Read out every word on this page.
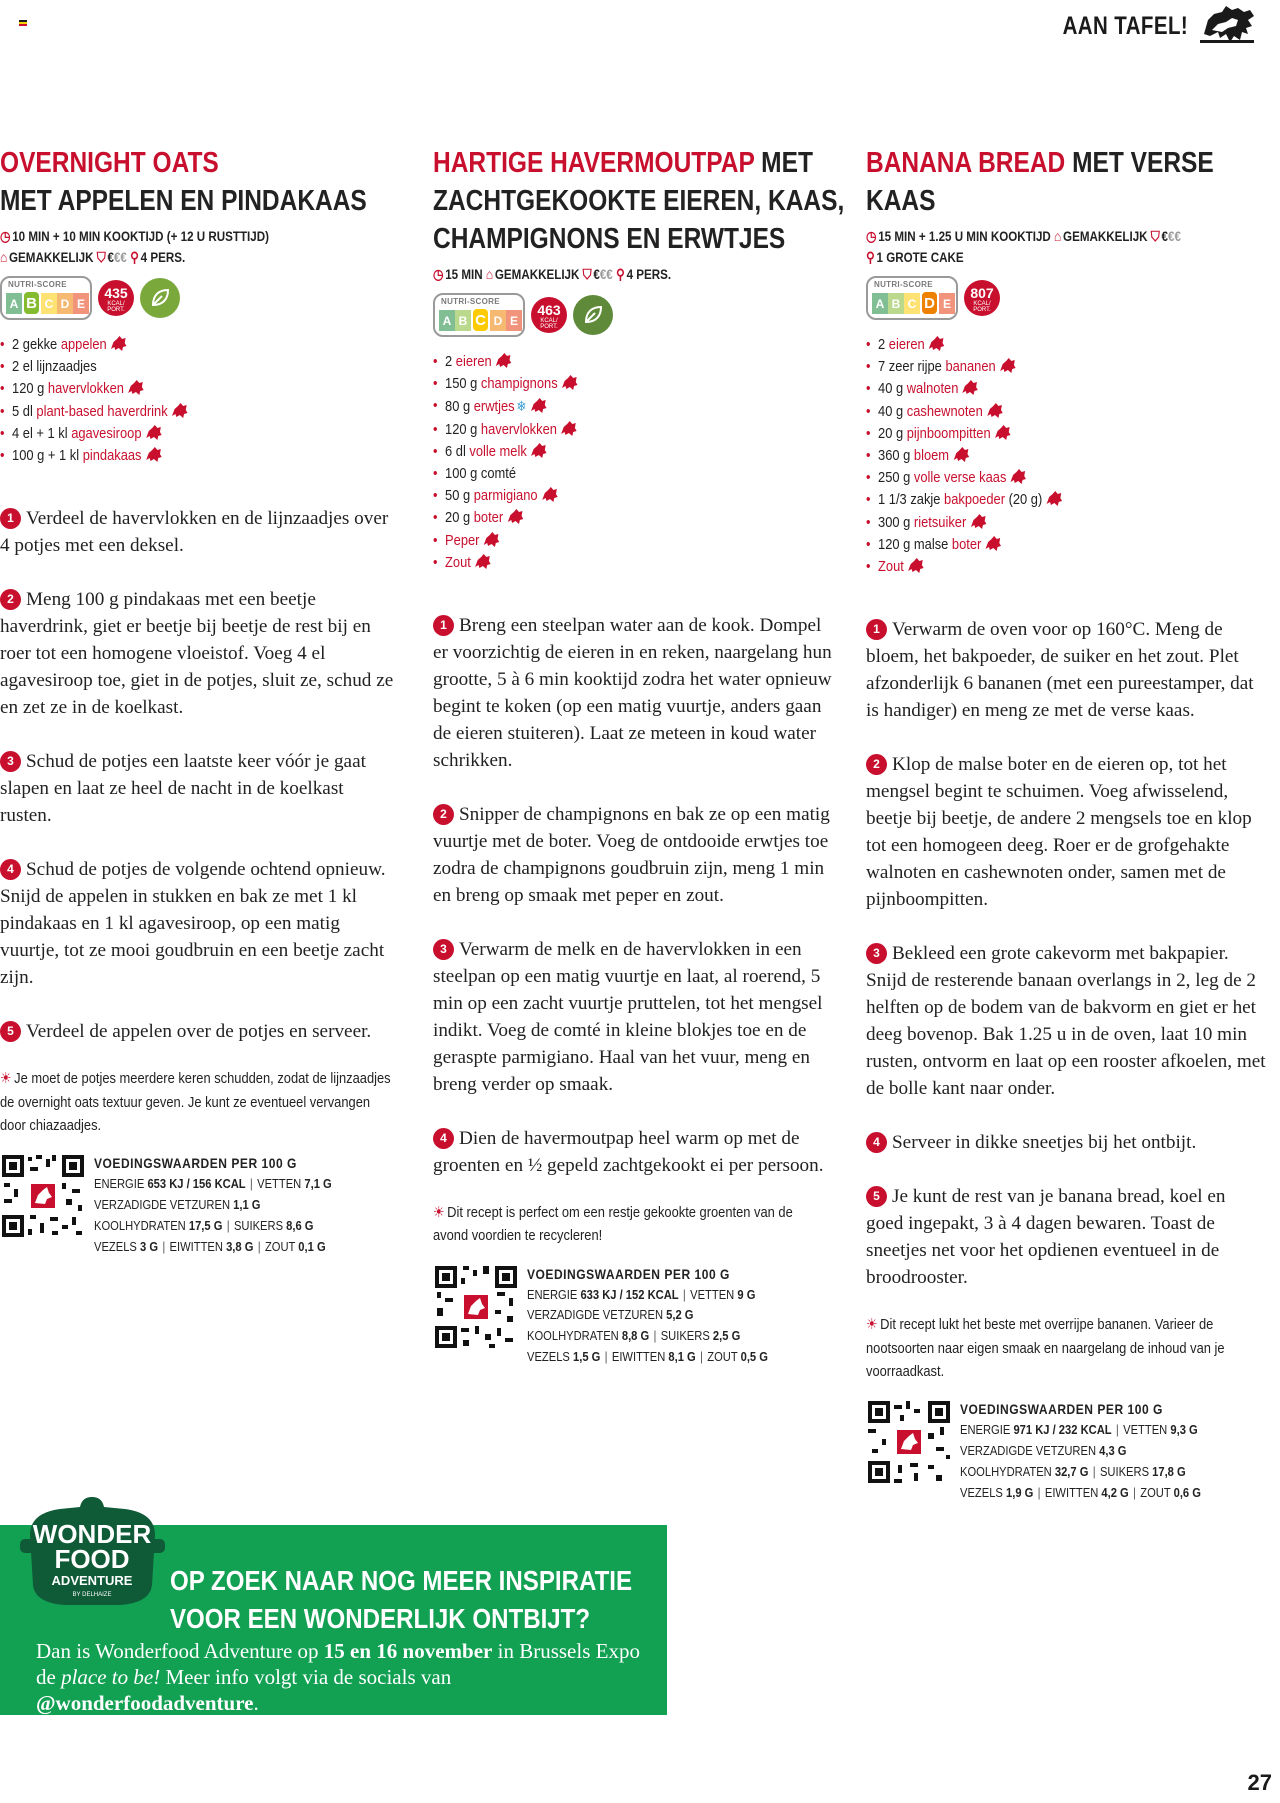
AAN TAFEL!
OVERNIGHT OATS
MET APPELEN EN PINDAKAAS
◷ 10 MIN + 10 MIN KOOKTIJD (+ 12 U RUSTTIJD)
⌂ GEMAKKELIJK ⛉ €€€ ⚲ 4 PERS.
NUTRI-SCORE
A B C D E
435
KCAL/ PORT.
• 2 gekke appelen
• 2 el lijnzaadjes
• 120 g havervlokken
• 5 dl plant-based haverdrink
• 4 el + 1 kl agavesiroop
• 100 g + 1 kl pindakaas

1 Verdeel de havervlokken en de lijnzaadjes over 4 potjes met een deksel.

2 Meng 100 g pindakaas met een beetje haverdrink, giet er beetje bij beetje de rest bij en roer tot een homogene vloeistof. Voeg 4 el agavesiroop toe, giet in de potjes, sluit ze, schud ze en zet ze in de koelkast.

3 Schud de potjes een laatste keer vóór je gaat slapen en laat ze heel de nacht in de koelkast rusten.

4 Schud de potjes de volgende ochtend opnieuw. Snijd de appelen in stukken en bak ze met 1 kl pindakaas en 1 kl agavesiroop, op een matig vuurtje, tot ze mooi goudbruin en een beetje zacht zijn.

5 Verdeel de appelen over de potjes en serveer.

☀ Je moet de potjes meerdere keren schudden, zodat de lijnzaadjes de overnight oats textuur geven. Je kunt ze eventueel vervangen door chiazaadjes.

VOEDINGSWAARDEN PER 100 G
ENERGIE 653 KJ / 156 KCAL | VETTEN 7,1 G
VERZADIGDE VETZUREN 1,1 G
KOOLHYDRATEN 17,5 G | SUIKERS 8,6 G
VEZELS 3 G | EIWITTEN 3,8 G | ZOUT 0,1 G
HARTIGE HAVERMOUTPAP MET ZACHTGEKOOKTE EIEREN, KAAS, CHAMPIGNONS EN ERWTJES
◷ 15 MIN ⌂ GEMAKKELIJK ⛉ €€€ ⚲ 4 PERS.
NUTRI-SCORE
A B C D E
463
KCAL/ PORT.
• 2 eieren
• 150 g champignons
• 80 g erwtjes ❄
• 120 g havervlokken
• 6 dl volle melk
• 100 g comté
• 50 g parmigiano
• 20 g boter
• Peper
• Zout

1 Breng een steelpan water aan de kook. Dompel er voorzichtig de eieren in en reken, naargelang hun grootte, 5 à 6 min kooktijd zodra het water opnieuw begint te koken (op een matig vuurtje, anders gaan de eieren stuiteren). Laat ze meteen in koud water schrikken.

2 Snipper de champignons en bak ze op een matig vuurtje met de boter. Voeg de ontdooide erwtjes toe zodra de champignons goudbruin zijn, meng 1 min en breng op smaak met peper en zout.

3 Verwarm de melk en de havervlokken in een steelpan op een matig vuurtje en laat, al roerend, 5 min op een zacht vuurtje pruttelen, tot het mengsel indikt. Voeg de comté in kleine blokjes toe en de geraspte parmigiano. Haal van het vuur, meng en breng verder op smaak.

4 Dien de havermoutpap heel warm op met de groenten en ½ gepeld zachtgekookt ei per persoon.

☀ Dit recept is perfect om een restje gekookte groenten van de avond voordien te recycleren!

VOEDINGSWAARDEN PER 100 G
ENERGIE 633 KJ / 152 KCAL | VETTEN 9 G
VERZADIGDE VETZUREN 5,2 G
KOOLHYDRATEN 8,8 G | SUIKERS 2,5 G
VEZELS 1,5 G | EIWITTEN 8,1 G | ZOUT 0,5 G
BANANA BREAD MET VERSE KAAS
◷ 15 MIN + 1.25 U MIN KOOKTIJD ⌂ GEMAKKELIJK ⛉ €€€
⚲ 1 GROTE CAKE
NUTRI-SCORE
A B C D E
807
KCAL/ PORT.
• 2 eieren
• 7 zeer rijpe bananen
• 40 g walnoten
• 40 g cashewnoten
• 20 g pijnboompitten
• 360 g bloem
• 250 g volle verse kaas
• 1 1/3 zakje bakpoeder (20 g)
• 300 g rietsuiker
• 120 g malse boter
• Zout

1 Verwarm de oven voor op 160°C. Meng de bloem, het bakpoeder, de suiker en het zout. Plet afzonderlijk 6 bananen (met een pureestamper, dat is handiger) en meng ze met de verse kaas.

2 Klop de malse boter en de eieren op, tot het mengsel begint te schuimen. Voeg afwisselend, beetje bij beetje, de andere 2 mengsels toe en klop tot een homogeen deeg. Roer er de grofgehakte walnoten en cashewnoten onder, samen met de pijnboompitten.

3 Bekleed een grote cakevorm met bakpapier. Snijd de resterende banaan overlangs in 2, leg de 2 helften op de bodem van de bakvorm en giet er het deeg bovenop. Bak 1.25 u in de oven, laat 10 min rusten, ontvorm en laat op een rooster afkoelen, met de bolle kant naar onder.

4 Serveer in dikke sneetjes bij het ontbijt.

5 Je kunt de rest van je banana bread, koel en goed ingepakt, 3 à 4 dagen bewaren. Toast de sneetjes net voor het opdienen eventueel in de broodrooster.

☀ Dit recept lukt het beste met overrijpe bananen. Varieer de nootsoorten naar eigen smaak en naargelang de inhoud van je voorraadkast.

VOEDINGSWAARDEN PER 100 G
ENERGIE 971 KJ / 232 KCAL | VETTEN 9,3 G
VERZADIGDE VETZUREN 4,3 G
KOOLHYDRATEN 32,7 G | SUIKERS 17,8 G
VEZELS 1,9 G | EIWITTEN 4,2 G | ZOUT 0,6 G
WONDER
FOOD
ADVENTURE
BY DELHAIZE OP ZOEK NAAR NOG MEER INSPIRATIE
VOOR EEN WONDERLIJK ONTBIJT?

Dan is Wonderfood Adventure op 15 en 16 november in Brussels Expo de place to be! Meer info volgt via de socials van @wonderfoodadventure.

27
